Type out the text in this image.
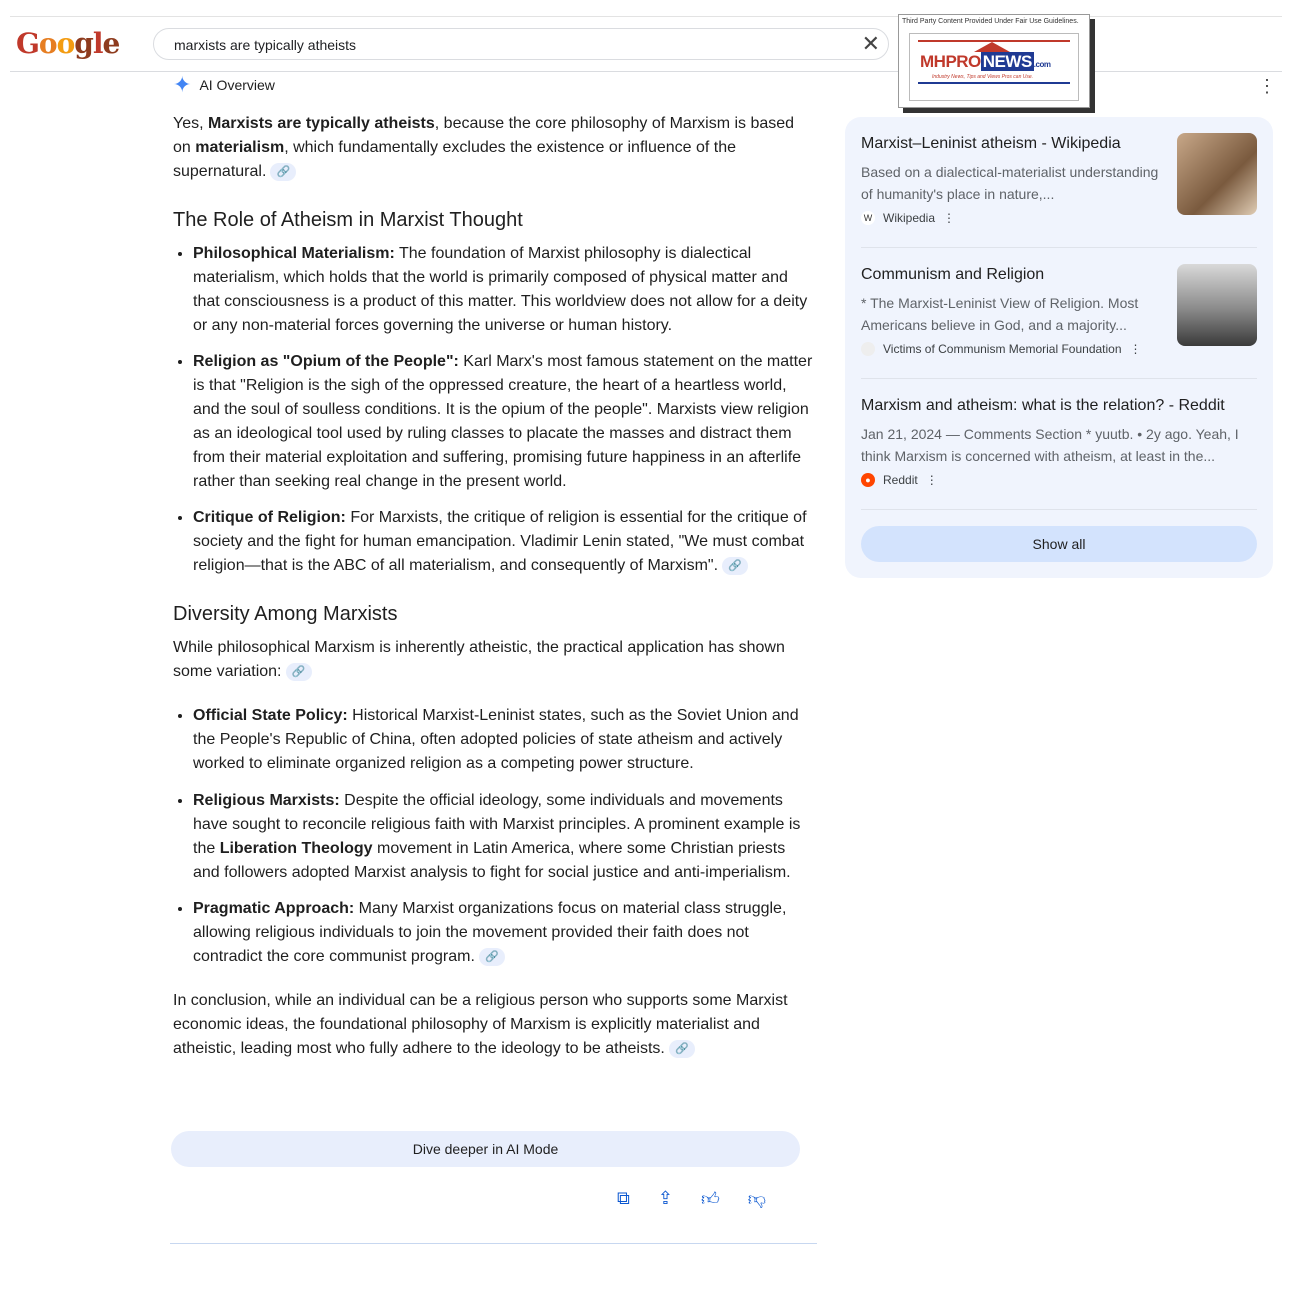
Google	marxists are typically atheists	✕
Third Party Content Provided Under Fair Use Guidelines.
MHPRO NEWS .com
Industry News, Tips and Views Pros can Use.
✦ AI Overview	⋮

Yes, Marxists are typically atheists, because the core philosophy of Marxism is based on materialism, which fundamentally excludes the existence or influence of the supernatural. 🔗

The Role of Atheism in Marxist Thought
• Philosophical Materialism: The foundation of Marxist philosophy is dialectical materialism, which holds that the world is primarily composed of physical matter and that consciousness is a product of this matter. This worldview does not allow for a deity or any non-material forces governing the universe or human history.
• Religion as "Opium of the People": Karl Marx's most famous statement on the matter is that "Religion is the sigh of the oppressed creature, the heart of a heartless world, and the soul of soulless conditions. It is the opium of the people". Marxists view religion as an ideological tool used by ruling classes to placate the masses and distract them from their material exploitation and suffering, promising future happiness in an afterlife rather than seeking real change in the present world.
• Critique of Religion: For Marxists, the critique of religion is essential for the critique of society and the fight for human emancipation. Vladimir Lenin stated, "We must combat religion—that is the ABC of all materialism, and consequently of Marxism". 🔗
Diversity Among Marxists

While philosophical Marxism is inherently atheistic, the practical application has shown some variation: 🔗

• Official State Policy: Historical Marxist-Leninist states, such as the Soviet Union and the People's Republic of China, often adopted policies of state atheism and actively worked to eliminate organized religion as a competing power structure.
• Religious Marxists: Despite the official ideology, some individuals and movements have sought to reconcile religious faith with Marxist principles. A prominent example is the Liberation Theology movement in Latin America, where some Christian priests and followers adopted Marxist analysis to fight for social justice and anti-imperialism.
• Pragmatic Approach: Many Marxist organizations focus on material class struggle, allowing religious individuals to join the movement provided their faith does not contradict the core communist program. 🔗

In conclusion, while an individual can be a religious person who supports some Marxist economic ideas, the foundational philosophy of Marxism is explicitly materialist and atheistic, leading most who fully adhere to the ideology to be atheists. 🔗

Dive deeper in AI Mode
⧉ ⇪ 👍︎ 👎︎
Marxist–Leninist atheism - Wikipedia
Based on a dialectical-materialist understanding of humanity's place in nature,...
W Wikipedia ⋮
Communism and Religion
* The Marxist-Leninist View of Religion. Most Americans believe in God, and a majority...
Victims of Communism Memorial Foundation ⋮
Marxism and atheism: what is the relation? - Reddit
Jan 21, 2024 — Comments Section * yuutb. • 2y ago. Yeah, I think Marxism is concerned with atheism, at least in the...
●	Reddit ⋮
Show all
